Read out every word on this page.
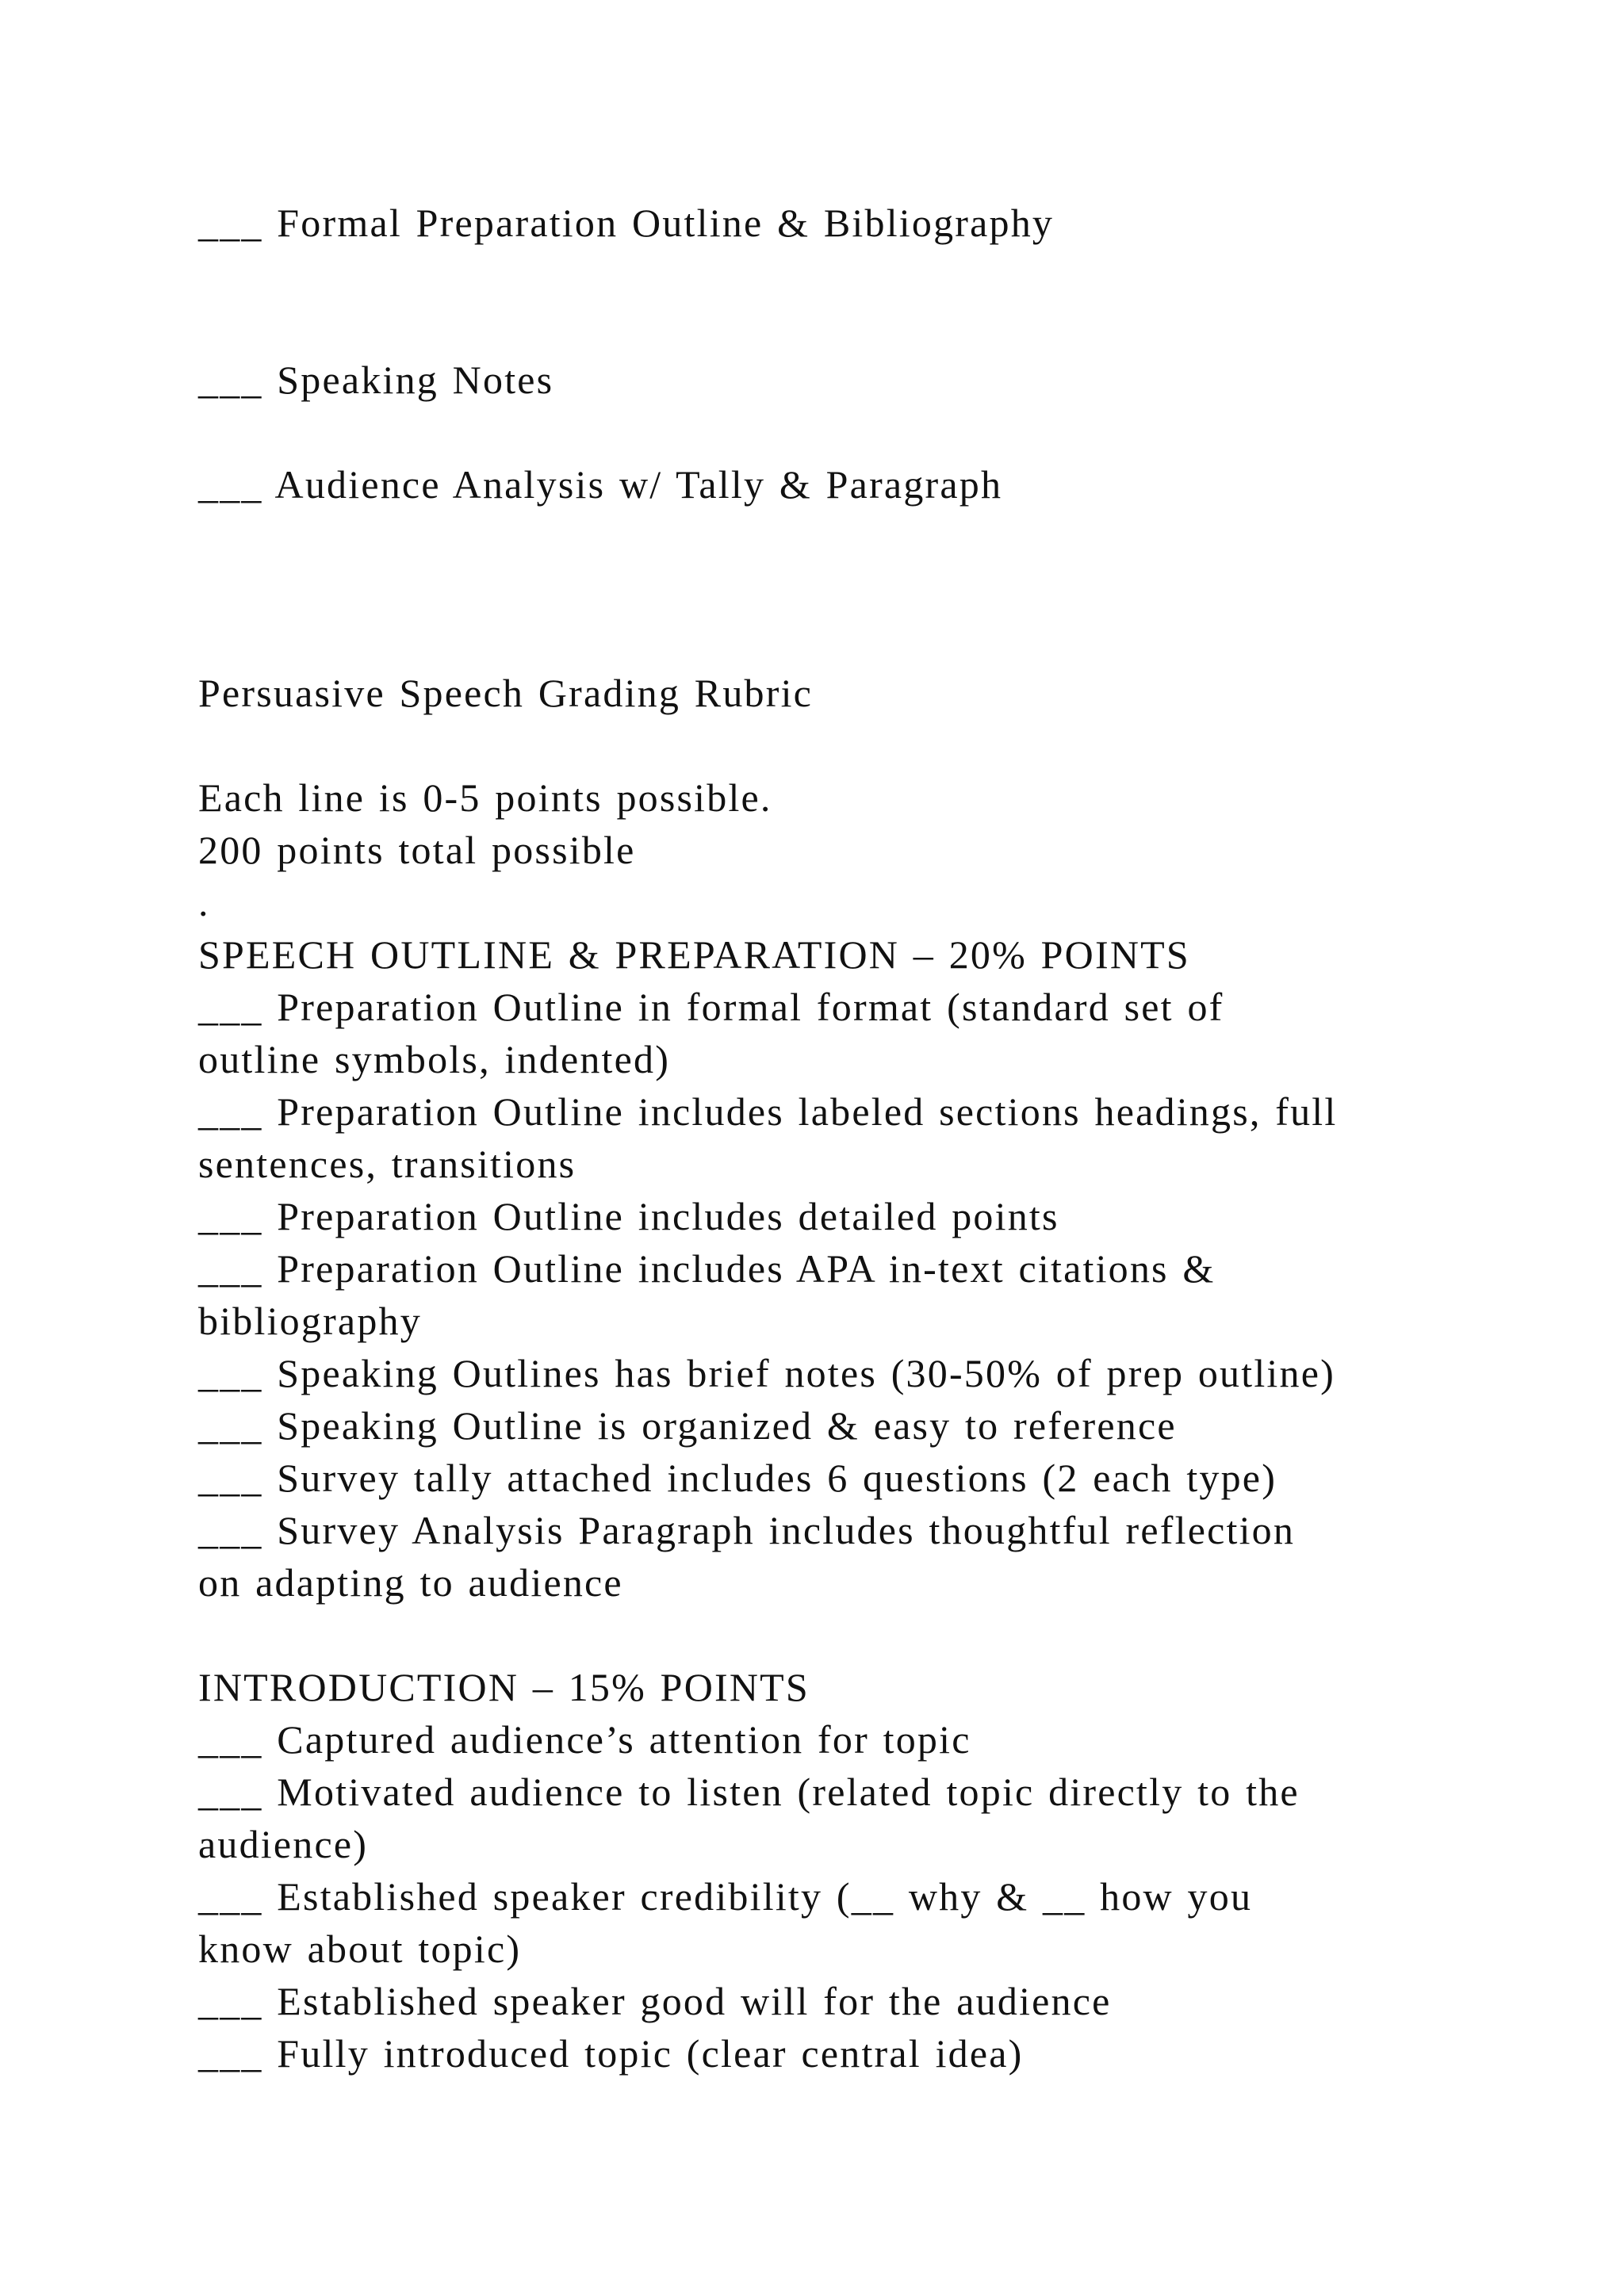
___ Formal Preparation Outline & Bibliography
___ Speaking Notes
___ Audience Analysis w/ Tally & Paragraph
Persuasive Speech Grading Rubric
Each line is 0-5 points possible.
200 points total possible
.
SPEECH OUTLINE & PREPARATION – 20% POINTS
___ Preparation Outline in formal format (standard set of
outline symbols, indented)
___ Preparation Outline includes labeled sections headings, full
sentences, transitions
___ Preparation Outline includes detailed points
___ Preparation Outline includes APA in-text citations &
bibliography
___ Speaking Outlines has brief notes (30-50% of prep outline)
___ Speaking Outline is organized & easy to reference
___ Survey tally attached includes 6 questions (2 each type)
___ Survey Analysis Paragraph includes thoughtful reflection
on adapting to audience
INTRODUCTION – 15% POINTS
___ Captured audience’s attention for topic
___ Motivated audience to listen (related topic directly to the
audience)
___ Established speaker credibility (__ why & __ how you
know about topic)
___ Established speaker good will for the audience
___ Fully introduced topic (clear central idea)
